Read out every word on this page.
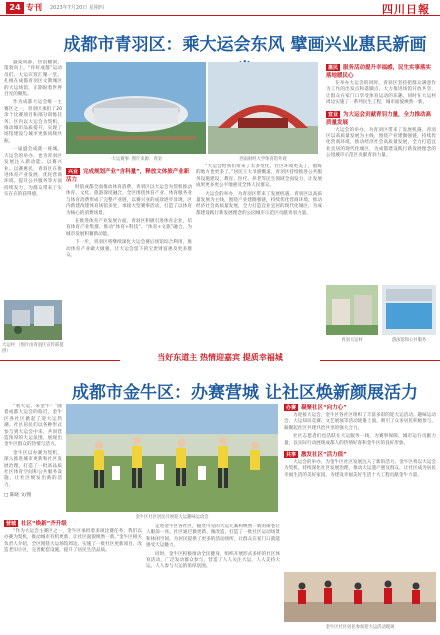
24 专刊 2023年7月20日 星期四	四川日報
成都市青羽区：乘大运会东风 擘画兴业惠民新画

盛夏成都，热浪翻滚，蓬勃向上。“你好成都”运动员们，大运宾客汇聚一堂。扎根在成都青羽区文教城区的大运场馆，正期盼着世界目光的聚焦。

作为成都大运会唯一主赛区之一，青羽区承担了20余个比赛项目和部分训练任务。区内以大运会为契机，推动城市品质提升，实现了场馆建设与城市更新同频共振。

一届盛会成就一座城。大运会的举办，也为青羽区发展注入新动能。以赛兴业、以赛惠民，青羽区在推进体育产业发展、优化营商环境、提升公共服务等方面持续发力，为群众带来了实实在在的获得感。

大运村 （图片由青羽区宣传部提供）
·大运赛事· 图片来源：青羽	西南财经大学体育馆外观
兴业 完成规划产业“含科量”，释放文体旅产业新活力

时值成都全面推动体育消费，青羽区以大运会为契机推动体育、文化、旅游深度融合，全区围绕体育产业、体育服务业与体育消费形成了完整产业链，以赛兴业的成效逐步显现。区内新建改建体育场馆多处，承接大型赛事活动，打造了以体育为核心的消费场景。

在推进体育产业发展方面，青羽区积极引进体育企业，培育体育产业集群，推动“体育+科技”、“体育+文旅”融合，为城市发展积蓄新动能。

下一步，青羽区将继续深化大运会赛后场馆综合利用，推动体育产业做大做强，让大运会留下的宝贵财富惠及更多群众。

“大运会给我们带来了太多变化，社区环境更美了，锻炼的地方也更多了。”居民王大爷感慨道。青羽区持续推进公共服务设施建设，教育、医疗、养老等民生领域全面发力，让发展成果更多更公平地惠及全体人民群众。

大运会的举办，为青羽区带来了发展机遇。青羽区以高质量发展为主线，围绕产业建圈强链，持续优化营商环境，推动经济社会高质量发展，全力打造宜业宜居的现代化城区，为成都建设践行新发展理念的公园城市示范区贡献青羽力量。

惠民 服务活动提升幸福感，民生实事落实落地暖民心

在举办大运会的同时，青羽区坚持把群众满意作为工作的出发点和落脚点，大力推进场馆开放共享，让群众在家门口享受体育运动的乐趣。同时在大运村周边实施了一系列民生工程，城市面貌焕然一新。

宜业 为大运会贡献青羽力量，全力推动高质量发展

大运会的举办，为青羽区带来了发展机遇。青羽区以高质量发展为主线，围绕产业建圈强链，持续优化营商环境，推动经济社会高质量发展，全力打造宜业宜居的现代化城区，为成都建设践行新发展理念的公园城市示范区贡献青羽力量。

青羽大运村	游泳馆和公共服务
当好东道主 热情迎嘉宾 提质幸福城
成都市金牛区：办赛营城 让社区焕新颜展活力

“看大运，来金牛！”随着成都大运会的临近，金牛区各社区掀起了迎大运热潮。社区居民们以各种形式参与到大运会中来，共同营造浓厚的大运氛围，展现出金牛区群众的热情与活力。

金牛区以办赛为契机，深入推进城市更新和社区发展治理，打造了一批高品质社区体育空间和公共服务设施，让社区焕发出新的活力。

□ 陈晓 文/图
金牛区社区居民开展迎大运趣味运动会
营城 社区“焕新”齐升级

“作为大运会主赛区之一，金牛区承担着多项比赛任务，我们以办赛为契机，推动城市有机更新，让社区面貌焕然一新。”金牛区相关负责人介绍，全区围绕大运场馆周边，实施了一批社区更新项目，改造老旧小区，完善配套设施，提升了居民生活品质。

走进金牛区各社区，随处可见的大运元素和焕然一新的街巷让人眼前一亮。社区通过微更新、微改造，打造了一批社区运动场景和休闲空间，为居民提供了更多的活动场所，让群众在家门口就能感受大运魅力。

同时，金牛区积极推动全民健身，组织开展形式多样的社区体育活动，广泛发动群众参与，营造了人人关注大运、人人支持大运、人人参与大运的浓厚氛围。

办赛 凝聚社区“向力心”

为迎接大运会，金牛区各社区组织了丰富多彩的迎大运活动。趣味运动会、大运知识竞赛、文艺展演等活动轮番上演，吸引了众多居民积极参与，凝聚起社区共建共治共享的强大合力。

社区志愿者们也活跃在大运服务一线，为赛事保障、城市运行贡献力量，以实际行动展现成都人的热情好客和金牛区的良好形象。

共享 激发社区“活力值”

大运会的举办，为金牛区社区发展注入了新的活力。金牛区将以大运会为契机，持续深化社区发展治理，推动大运遗产惠及群众，让社区成为居民幸福生活的美好家园，为建设幸福美好生活十大工程贡献金牛力量。

金牛区社区居民参加迎大运活动现场
